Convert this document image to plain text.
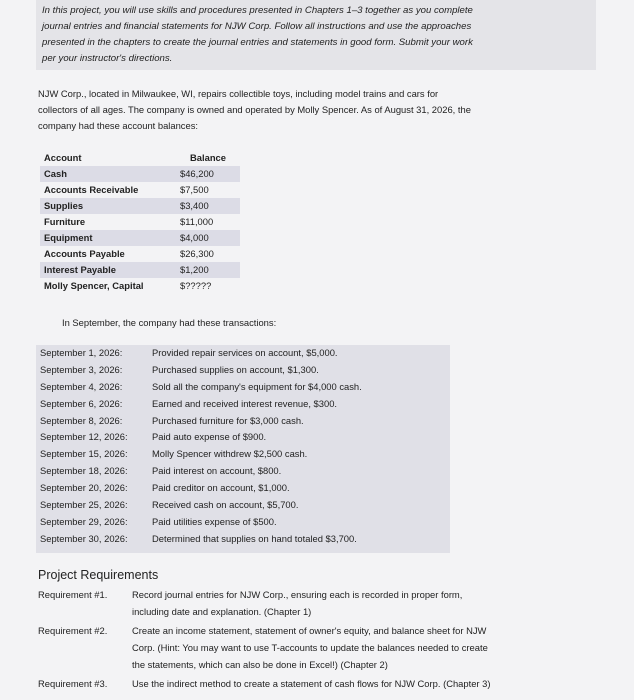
In this project, you will use skills and procedures presented in Chapters 1–3 together as you complete

journal entries and financial statements for NJW Corp. Follow all instructions and use the approaches

presented in the chapters to create the journal entries and statements in good form. Submit your work

per your instructor's directions.

NJW Corp., located in Milwaukee, WI, repairs collectible toys, including model trains and cars for
collectors of all ages. The company is owned and operated by Molly Spencer. As of August 31, 2026, the
company had these account balances:
Account	Balance
Cash	$46,200
Accounts Receivable	$7,500
Supplies	$3,400
Furniture	$11,000
Equipment	$4,000
Accounts Payable	$26,300
Interest Payable	$1,200
Molly Spencer, Capital	$?????
In September, the company had these transactions:
September 1, 2026:	Provided repair services on account, $5,000.
September 3, 2026:	Purchased supplies on account, $1,300.
September 4, 2026:	Sold all the company's equipment for $4,000 cash.
September 6, 2026:	Earned and received interest revenue, $300.
September 8, 2026:	Purchased furniture for $3,000 cash.
September 12, 2026:	Paid auto expense of $900.
September 15, 2026:	Molly Spencer withdrew $2,500 cash.
September 18, 2026:	Paid interest on account, $800.
September 20, 2026:	Paid creditor on account, $1,000.
September 25, 2026:	Received cash on account, $5,700.
September 29, 2026:	Paid utilities expense of $500.
September 30, 2026:	Determined that supplies on hand totaled $3,700.
Project Requirements
Requirement #1.	Record journal entries for NJW Corp., ensuring each is recorded in proper form,
including date and explanation. (Chapter 1)
Requirement #2.	Create an income statement, statement of owner's equity, and balance sheet for NJW
Corp. (Hint: You may want to use T-accounts to update the balances needed to create
the statements, which can also be done in Excel!) (Chapter 2)
Requirement #3.	Use the indirect method to create a statement of cash flows for NJW Corp. (Chapter 3)
